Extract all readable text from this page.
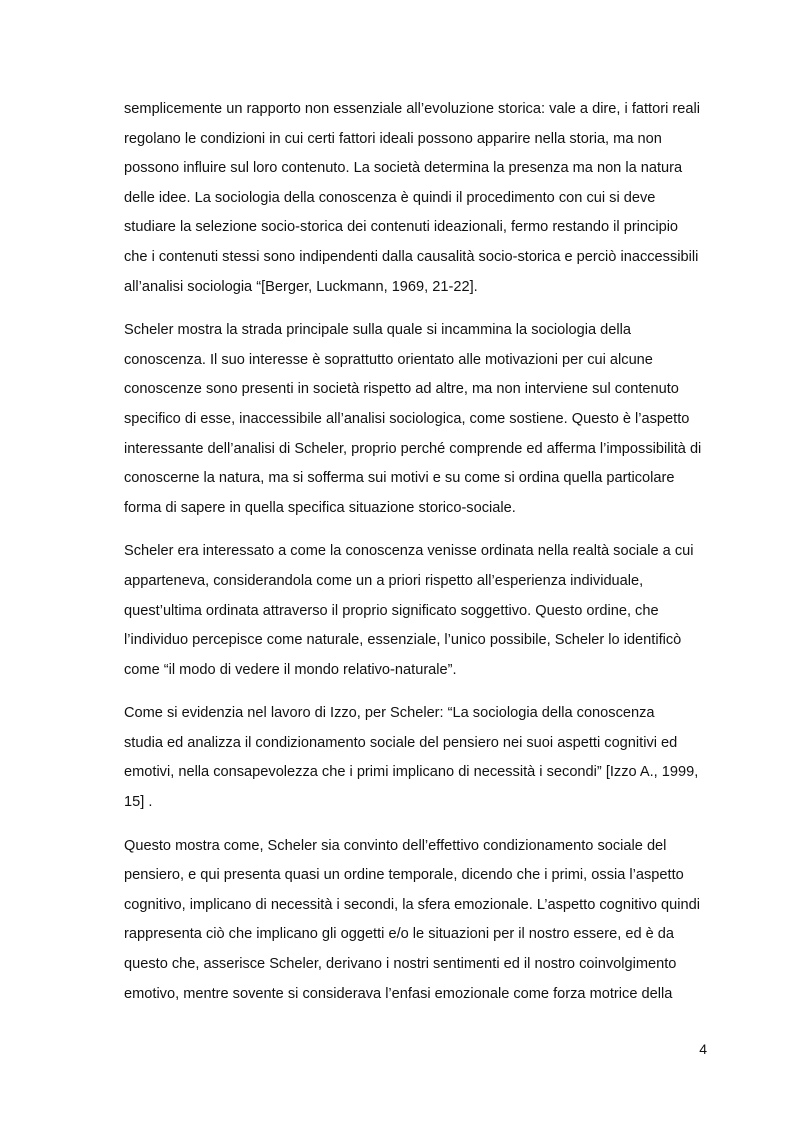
semplicemente un rapporto non essenziale all’evoluzione storica: vale a dire, i fattori reali
regolano le condizioni in cui certi fattori ideali possono apparire nella storia, ma non
possono influire sul loro contenuto. La società determina la presenza ma non la natura
delle idee. La sociologia della conoscenza è quindi il procedimento con cui si deve
studiare la selezione socio-storica dei contenuti ideazionali, fermo restando il principio
che i contenuti stessi sono indipendenti dalla causalità socio-storica e perciò inaccessibili
all’analisi sociologia “[Berger, Luckmann, 1969, 21-22].

Scheler mostra la strada principale sulla quale si incammina la sociologia della
conoscenza. Il suo interesse è soprattutto orientato alle motivazioni per cui alcune
conoscenze sono presenti in società rispetto ad altre, ma non interviene sul contenuto
specifico di esse, inaccessibile all’analisi sociologica, come sostiene. Questo è l’aspetto
interessante dell’analisi di Scheler, proprio perché comprende ed afferma l’impossibilità di
conoscerne la natura, ma si sofferma sui motivi e su come si ordina quella particolare
forma di sapere in quella specifica situazione storico-sociale.

Scheler era interessato a come la conoscenza venisse ordinata nella realtà sociale a cui
apparteneva, considerandola come un a priori rispetto all’esperienza individuale,
quest’ultima ordinata attraverso il proprio significato soggettivo. Questo ordine, che
l’individuo percepisce come naturale, essenziale, l’unico possibile, Scheler lo identificò
come “il modo di vedere il mondo relativo-naturale”.

Come si evidenzia nel lavoro di Izzo, per Scheler: “La sociologia della conoscenza
studia ed analizza il condizionamento sociale del pensiero nei suoi aspetti cognitivi ed
emotivi, nella consapevolezza che i primi implicano di necessità i secondi” [Izzo A., 1999,
15] .

Questo mostra come, Scheler sia convinto dell’effettivo condizionamento sociale del
pensiero, e qui presenta quasi un ordine temporale, dicendo che i primi, ossia l’aspetto
cognitivo, implicano di necessità i secondi, la sfera emozionale. L’aspetto cognitivo quindi
rappresenta ciò che implicano gli oggetti e/o le situazioni per il nostro essere, ed è da
questo che, asserisce Scheler, derivano i nostri sentimenti ed il nostro coinvolgimento
emotivo, mentre sovente si considerava l’enfasi emozionale come forza motrice della

4
